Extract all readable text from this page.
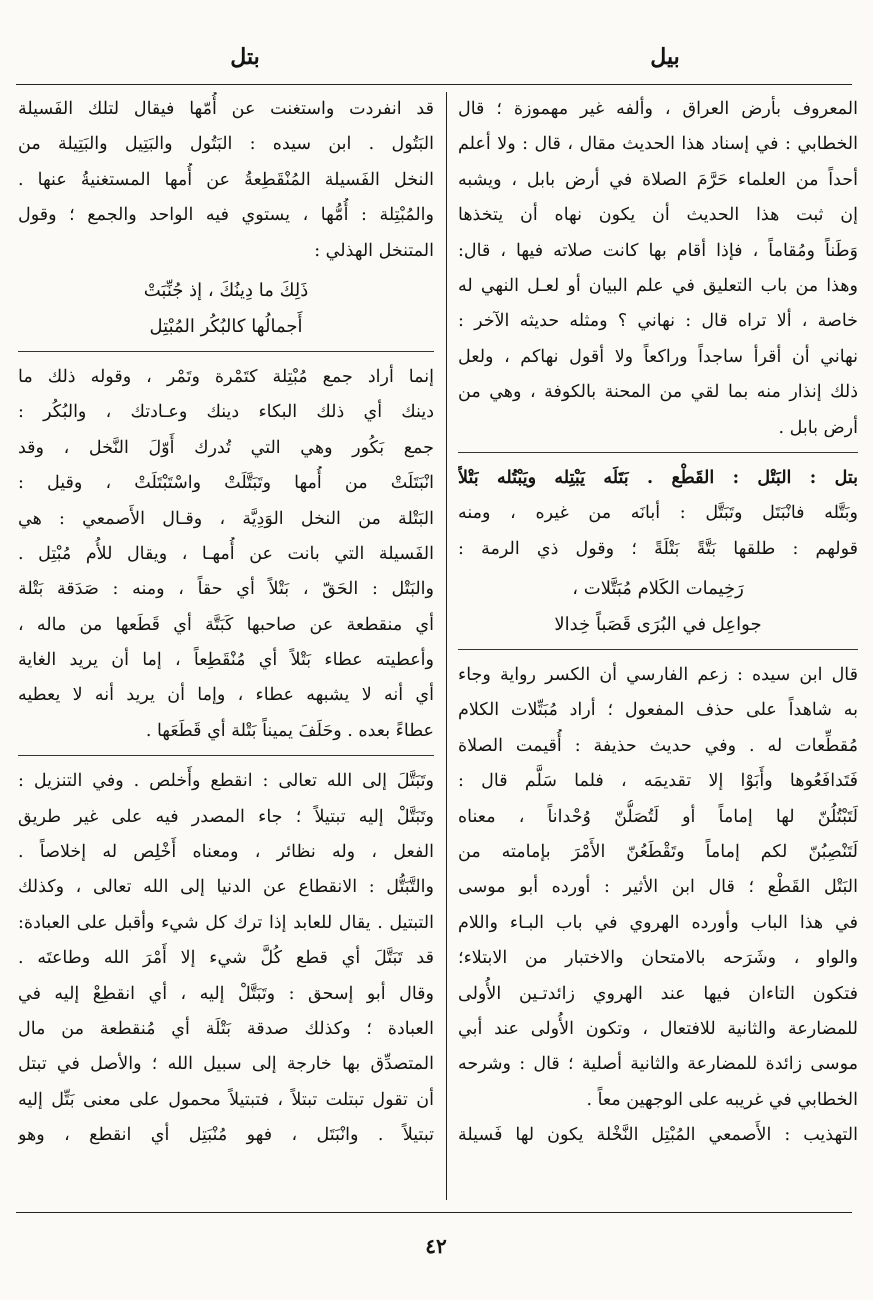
بيل
بتل
المعروف بأرض العراق ، وألفه غير مهموزة ؛ قال
الخطابي : في إسناد هذا الحديث مقال ، قال : ولا أعلم
أحداً من العلماء حَرَّمَ الصلاة في أرض بابل ، ويشبه
إن ثبت هذا الحديث أن يكون نهاه أن يتخذها
وَطَناً ومُقاماً ، فإذا أقام بها كانت صلاته فيها ، قال:
وهذا من باب التعليق في علم البيان أو لعـل النهي له
خاصة ، ألا تراه قال : نهاني ؟ ومثله حديثه الآخر :
نهاني أن أقرأ ساجداً وراكعاً ولا أقول نهاكم ، ولعل
ذلك إنذار منه بما لقي من المحنة بالكوفة ، وهي من
أرض بابل .
بتل : البَتْل : القَطْع . بَتَلَه يَبْتِله ويَبْتُله بَتْلاً
وبَتَّله فانْبَتَل وتَبَتَّل : أبانَه من غيره ، ومنه
قولهم : طلقها بَتَّةً بَتْلَةً ؛ وقول ذي الرمة :
رَخِيمات الكَلام مُبَتَّلات ،
جواعِل في البُرَى قَصَباً خِدالا
قال ابن سيده : زعم الفارسي أن الكسر رواية وجاء
به شاهداً على حذف المفعول ؛ أراد مُبَتِّلات الكلام
مُقطِّعات له . وفي حديث حذيفة : أُقيمت الصلاة
فَتَدافَعُوها وأَبَوْا إلا تقديمَه ، فلما سَلَّم قال :
لَتَبْتُلُنّ لها إماماً أو لَتُصَلُّنّ وُحْداناً ، معناه
لَتَنْصِبُنّ لكم إماماً وتَقْطَعُنّ الأَمْرَ بإمامته من
البَتْل القَطْع ؛ قال ابن الأثير : أورده أبو موسى
في هذا الباب وأورده الهروي في باب البـاء واللام
والواو ، وشَرَحه بالامتحان والاختبار من الابتلاء؛
فتكون التاءان فيها عند الهروي زائدتـين الأُولى
للمضارعة والثانية للافتعال ، وتكون الأُولى عند أبي
موسى زائدة للمضارعة والثانية أصلية ؛ قال : وشرحه
الخطابي في غريبه على الوجهين معاً .
التهذيب : الأَصمعي المُبْتِل النَّخْلة يكون لها فَسيلة
قد انفردت واستغنت عن أُمّها فيقال لتلك الفَسيلة
البَتُول . ابن سيده : البَتُول والبَتِيل والبَتِيلة من
النخل الفَسيلة المُنْقَطِعةُ عن أُمها المستغنيةُ عنها .
والمُبْتِلة : أُمُّها ، يستوي فيه الواحد والجمع ؛ وقول
المتنخل الهذلي :
ذَلِكَ ما دِينُكَ ، إذ جُنِّبَتْ
أَجمالُها كالبُكُر المُبْتِل
إنما أراد جمع مُبْتِلة كتَمْرة وتَمْر ، وقوله ذلك ما
دينك أي ذلك البكاء دينك وعـادتك ، والبُكُر :
جمع بَكُور وهي التي تُدرك أَوّلَ النَّخل ، وقد
انْبَتَلَتْ من أُمها وتَبَتَّلَتْ واسْتَبْتَلَتْ ، وقيل :
البَتْلة من النخل الوَدِيَّة ، وقـال الأَصمعي : هي
الفَسيلة التي بانت عن أُمهـا ، ويقال للأُم مُبْتِل .
والبَتْل : الحَقّ ، بَتْلاً أي حقاً ، ومنه : صَدَقة بَتْلة
أي منقطعة عن صاحبها كَبَتَّة أي قَطَعها من ماله ،
وأعطيته عطاء بَتْلاً أي مُنْقَطِعاً ، إما أن يريد الغاية
أي أنه لا يشبهه عطاء ، وإما أن يريد أنه لا يعطيه
عطاءً بعده . وحَلَفَ يميناً بَتْلة أي قَطَعَها .
وتَبَتَّلَ إلى الله تعالى : انقطع وأَخلص . وفي التنزيل :
وتَبَتَّلْ إليه تبتيلاً ؛ جاء المصدر فيه على غير طريق
الفعل ، وله نظائر ، ومعناه أَخْلِص له إخلاصاً .
والتَّبَتُّل : الانقطاع عن الدنيا إلى الله تعالى ، وكذلك
التبتيل . يقال للعابد إذا ترك كل شيء وأقبل على العبادة:
قد تَبَتَّلَ أي قطع كُلَّ شيء إلا أَمْرَ الله وطاعتَه .
وقال أبو إسحق : وتَبَتَّلْ إليه ، أي انقطِعْ إليه في
العبادة ؛ وكذلك صدقة بَتْلَة أي مُنقطعة من مال
المتصدِّق بها خارجة إلى سبيل الله ؛ والأصل في تبتل
أن تقول تبتلت تبتلاً ، فتبتيلاً محمول على معنى بَتِّل إليه
تبتيلاً . وانْبَتَل ، فهو مُنْبَتِل أي انقطع ، وهو
٤٢
